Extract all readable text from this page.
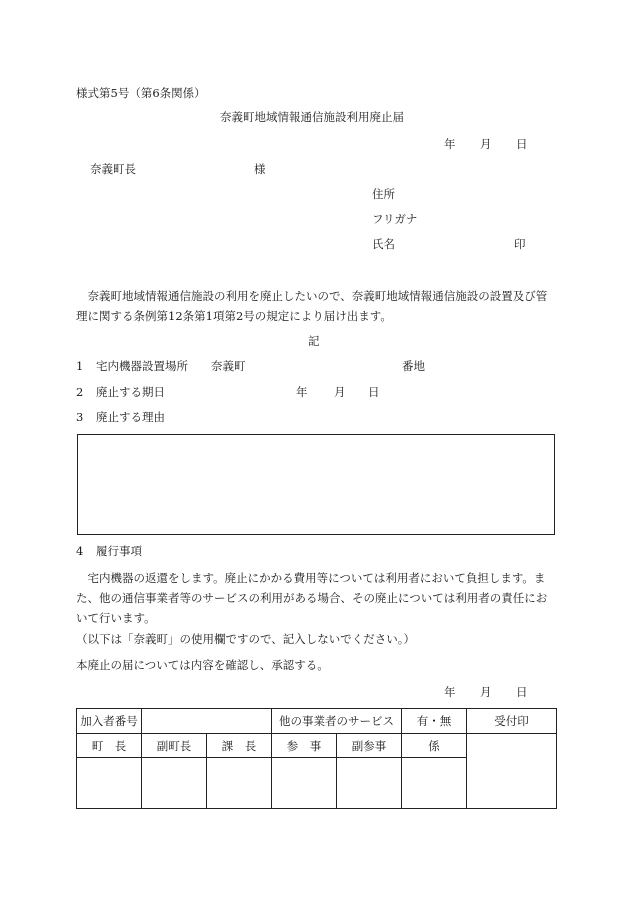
様式第5号（第6条関係）
奈義町地域情報通信施設利用廃止届
年 月 日
奈義町長	様
住所
フリガナ
氏名	印
奈義町地域情報通信施設の利用を廃止したいので、奈義町地域情報通信施設の設置及び管理に関する条例第12条第1項第2号の規定により届け出ます。
記
1 宅内機器設置場所 奈義町	番地
2 廃止する期日	年 月 日
3 廃止する理由
4 履行事項
宅内機器の返還をします。廃止にかかる費用等については利用者において負担します。また、他の通信事業者等のサービスの利用がある場合、その廃止については利用者の責任において行います。
（以下は「奈義町」の使用欄ですので、記入しないでください。）
本廃止の届については内容を確認し、承認する。
年 月 日
加入者番号			他の事業者のサービス		有・無	受付印
町　長	副町長	課　長	参　事	副参事	係	
